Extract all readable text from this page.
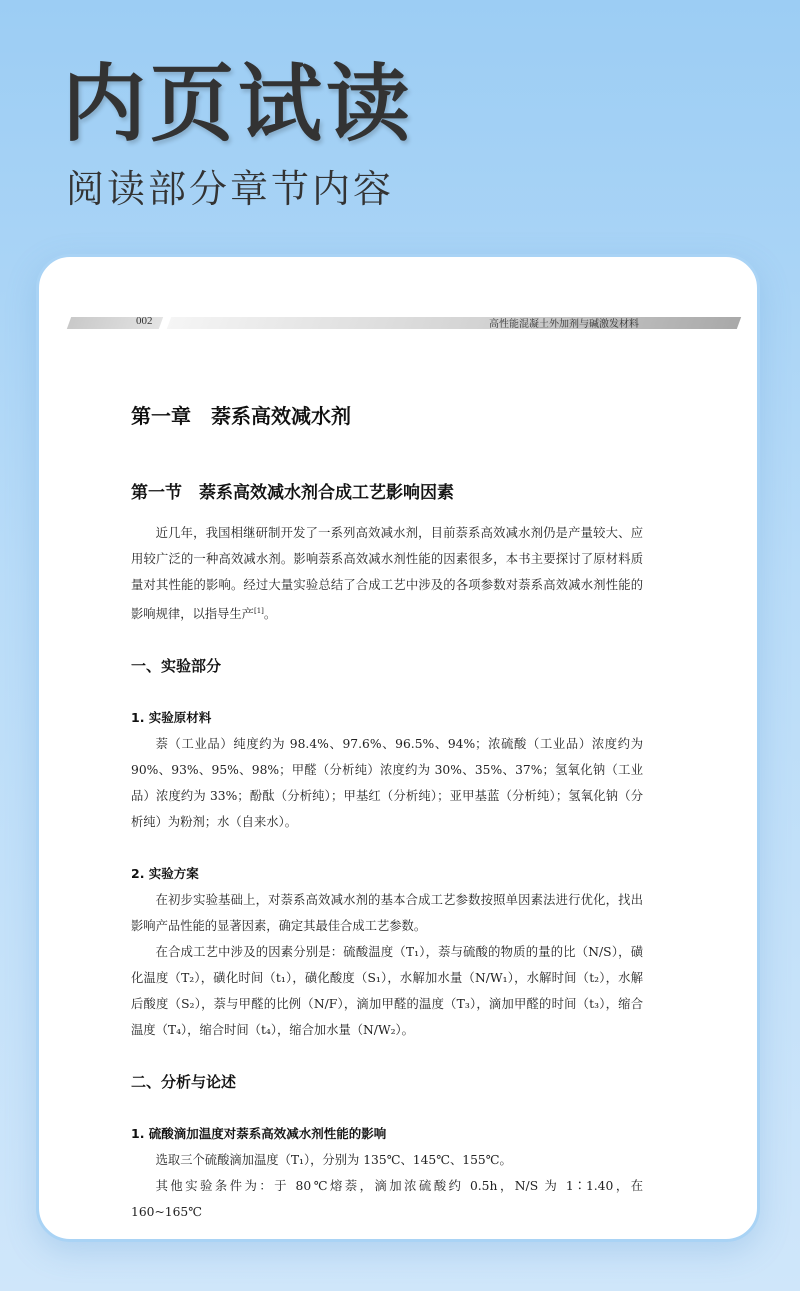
内页试读
阅读部分章节内容
002	高性能混凝土外加剂与碱激发材料
第一章　萘系高效减水剂
第一节　萘系高效减水剂合成工艺影响因素

近几年，我国相继研制开发了一系列高效减水剂，目前萘系高效减水剂仍是产量较大、应用较广泛的一种高效减水剂。影响萘系高效减水剂性能的因素很多，本书主要探讨了原材料质量对其性能的影响。经过大量实验总结了合成工艺中涉及的各项参数对萘系高效减水剂性能的影响规律，以指导生产[1]。

一、实验部分
1. 实验原材料

萘（工业品）纯度约为 98.4%、97.6%、96.5%、94%；浓硫酸（工业品）浓度约为 90%、93%、95%、98%；甲醛（分析纯）浓度约为 30%、35%、37%；氢氧化钠（工业品）浓度约为 33%；酚酞（分析纯）；甲基红（分析纯）；亚甲基蓝（分析纯）；氢氧化钠（分析纯）为粉剂；水（自来水）。

2. 实验方案

在初步实验基础上，对萘系高效减水剂的基本合成工艺参数按照单因素法进行优化，找出影响产品性能的显著因素，确定其最佳合成工艺参数。

在合成工艺中涉及的因素分别是：硫酸温度（T₁），萘与硫酸的物质的量的比（N/S），磺化温度（T₂），磺化时间（t₁），磺化酸度（S₁），水解加水量（N/W₁），水解时间（t₂），水解后酸度（S₂），萘与甲醛的比例（N/F），滴加甲醛的温度（T₃），滴加甲醛的时间（t₃），缩合温度（T₄），缩合时间（t₄），缩合加水量（N/W₂）。

二、分析与论述
1. 硫酸滴加温度对萘系高效减水剂性能的影响

选取三个硫酸滴加温度（T₁），分别为 135℃、145℃、155℃。

其他实验条件为：于 80℃熔萘，滴加浓硫酸约 0.5h，N/S 为 1∶1.40，在 160~165℃
